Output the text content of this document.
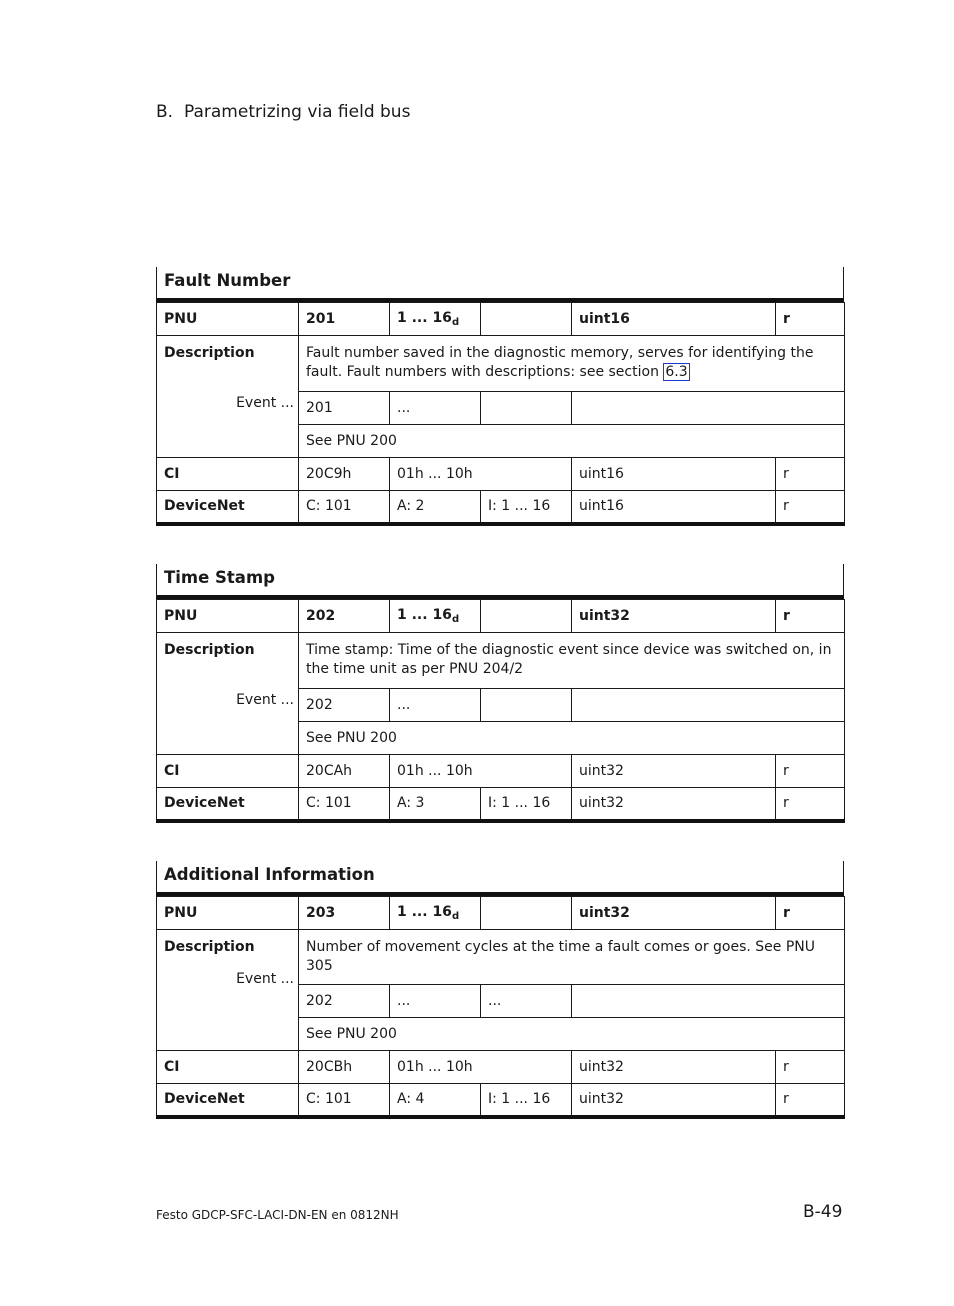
B. Parametrizing via field bus
Fault Number
PNU	201	1 ... $16_d$		uint16	r
Description
Event ...	Fault number saved in the diagnostic memory, serves for identifying the fault. Fault numbers with descriptions: see section 6.3				
	201	...			
	See PNU 200				
CI	20C9h	01h ... 10h		uint16	r
DeviceNet	C: 101	A: 2	I: 1 ... 16	uint16	r
Time Stamp
PNU	202	1 ... $16_d$		uint32	r
Description
Event ...	Time stamp: Time of the diagnostic event since device was switched on, in the time unit as per PNU 204/2				
	202	...			
	See PNU 200				
CI	20CAh	01h ... 10h		uint32	r
DeviceNet	C: 101	A: 3	I: 1 ... 16	uint32	r
Additional Information
PNU	203	1 ... $16_d$		uint32	r
Description
Event ...	Number of movement cycles at the time a fault comes or goes. See PNU 305				
	202	...	...		
	See PNU 200				
CI	20CBh	01h ... 10h		uint32	r
DeviceNet	C: 101	A: 4	I: 1 ... 16	uint32	r
Festo GDCP-SFC-LACI-DN-EN en 0812NH	B-49
